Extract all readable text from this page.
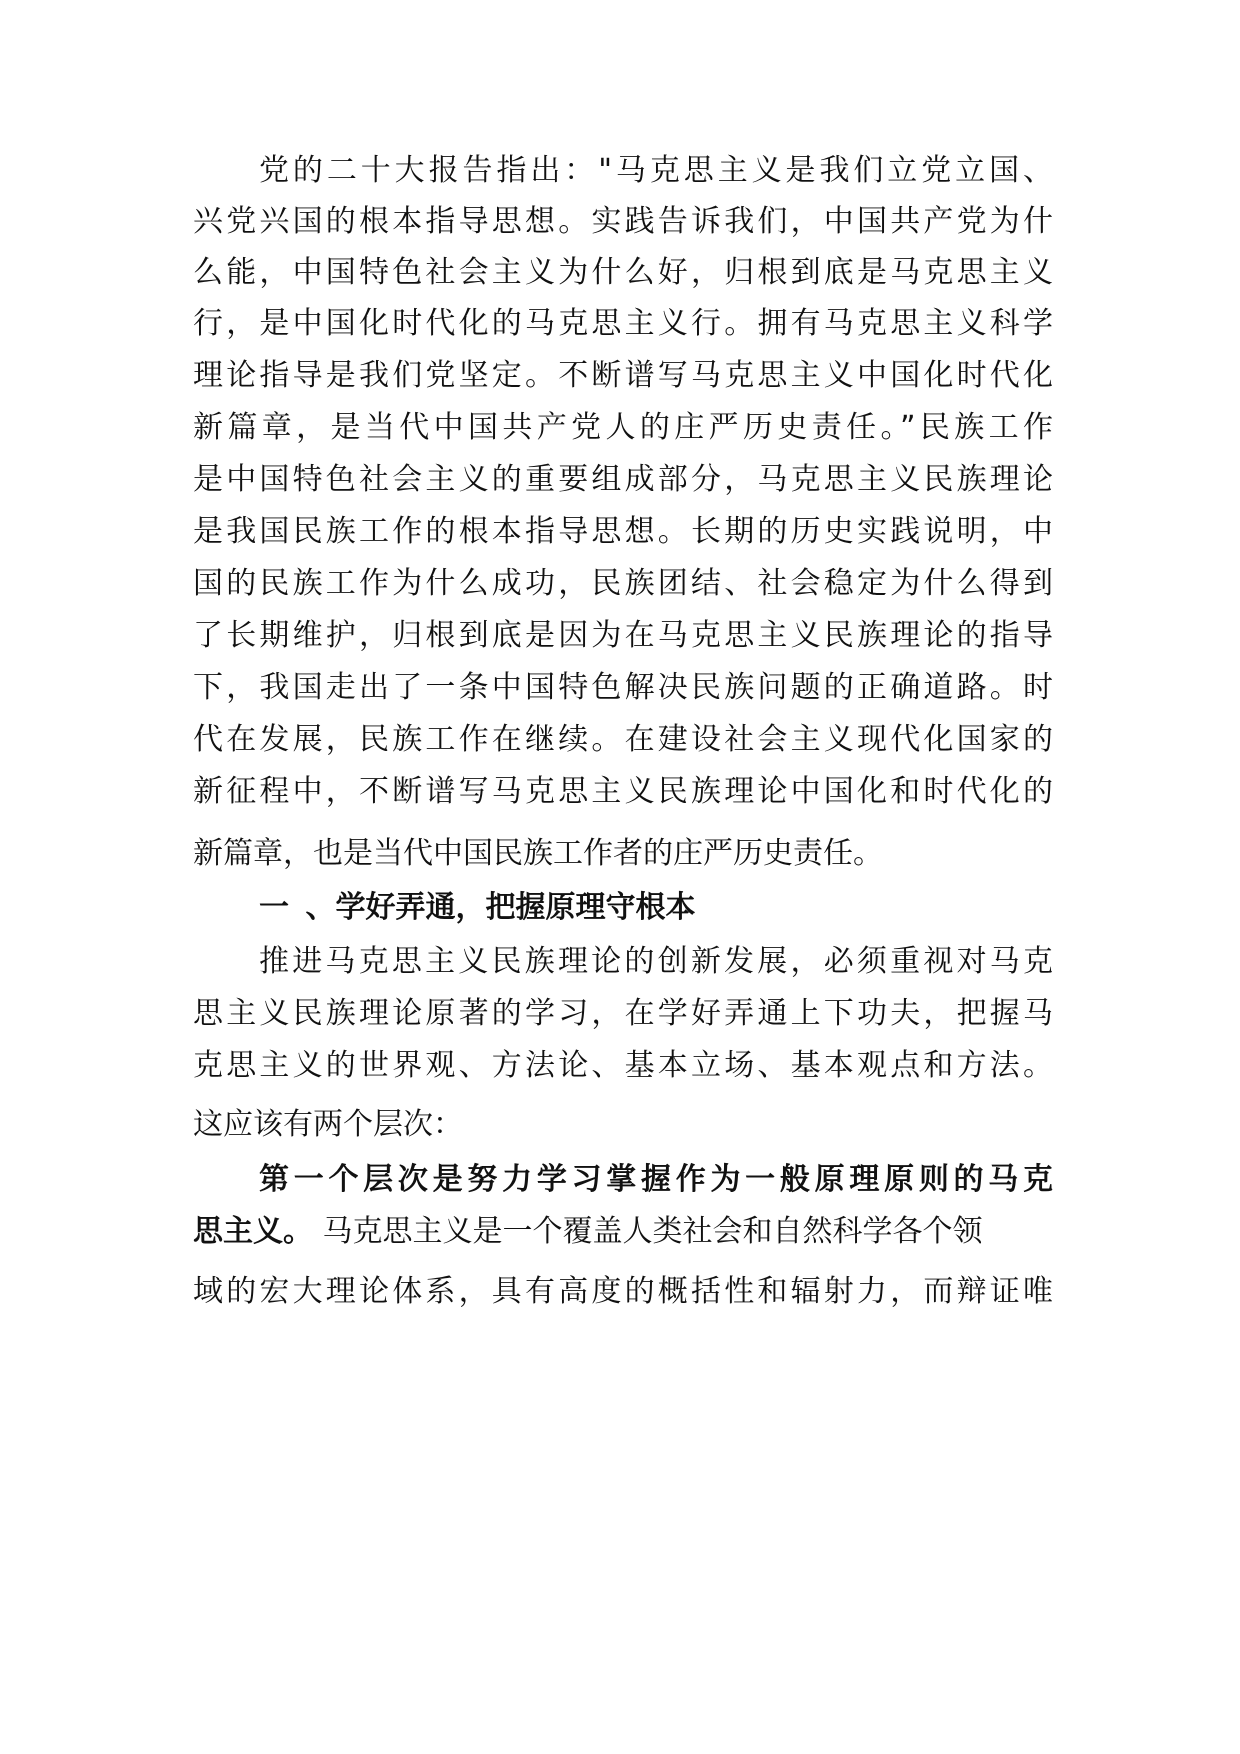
党的二十大报告指出："马克思主义是我们立党立国、
兴党兴国的根本指导思想。实践告诉我们，中国共产党为什
么能，中国特色社会主义为什么好，归根到底是马克思主义
行，是中国化时代化的马克思主义行。拥有马克思主义科学
理论指导是我们党坚定。不断谱写马克思主义中国化时代化
新篇章，是当代中国共产党人的庄严历史责任。”民族工作
是中国特色社会主义的重要组成部分，马克思主义民族理论
是我国民族工作的根本指导思想。长期的历史实践说明，中
国的民族工作为什么成功，民族团结、社会稳定为什么得到
了长期维护，归根到底是因为在马克思主义民族理论的指导
下，我国走出了一条中国特色解决民族问题的正确道路。时
代在发展，民族工作在继续。在建设社会主义现代化国家的
新征程中，不断谱写马克思主义民族理论中国化和时代化的
新篇章，也是当代中国民族工作者的庄严历史责任。
一 、学好弄通，把握原理守根本
推进马克思主义民族理论的创新发展，必须重视对马克
思主义民族理论原著的学习，在学好弄通上下功夫，把握马
克思主义的世界观、方法论、基本立场、基本观点和方法。
这应该有两个层次：
第一个层次是努力学习掌握作为一般原理原则的马克
思主义。 马克思主义是一个覆盖人类社会和自然科学各个领
域的宏大理论体系，具有高度的概括性和辐射力，而辩证唯
